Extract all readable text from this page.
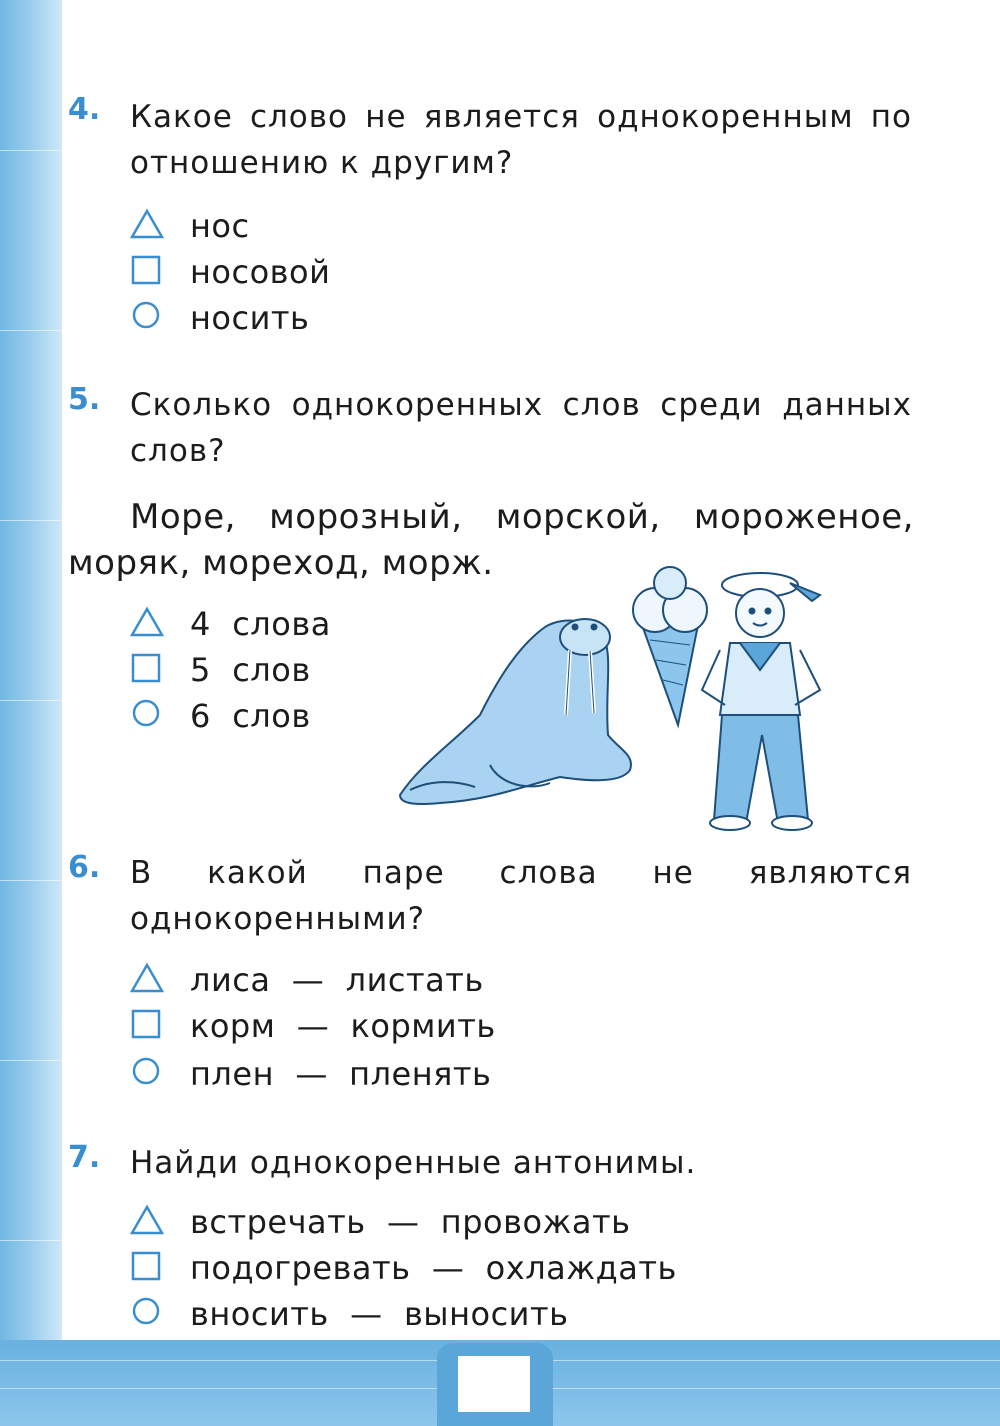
4. Какое слово не является однокоренным по отношению к другим?
нос
носовой
носить
5. Сколько однокоренных слов среди данных слов?
Море, морозный, морской, мороженое, моряк, мореход, морж.
4  слова
5  слов
6  слов
6. В какой паре слова не являются однокоренными?
лиса  —  листать
корм  —  кормить
плен  —  пленять
7. Найди однокоренные антонимы.
встречать  —  провожать
подогревать  —  охлаждать
вносить  —  выносить
